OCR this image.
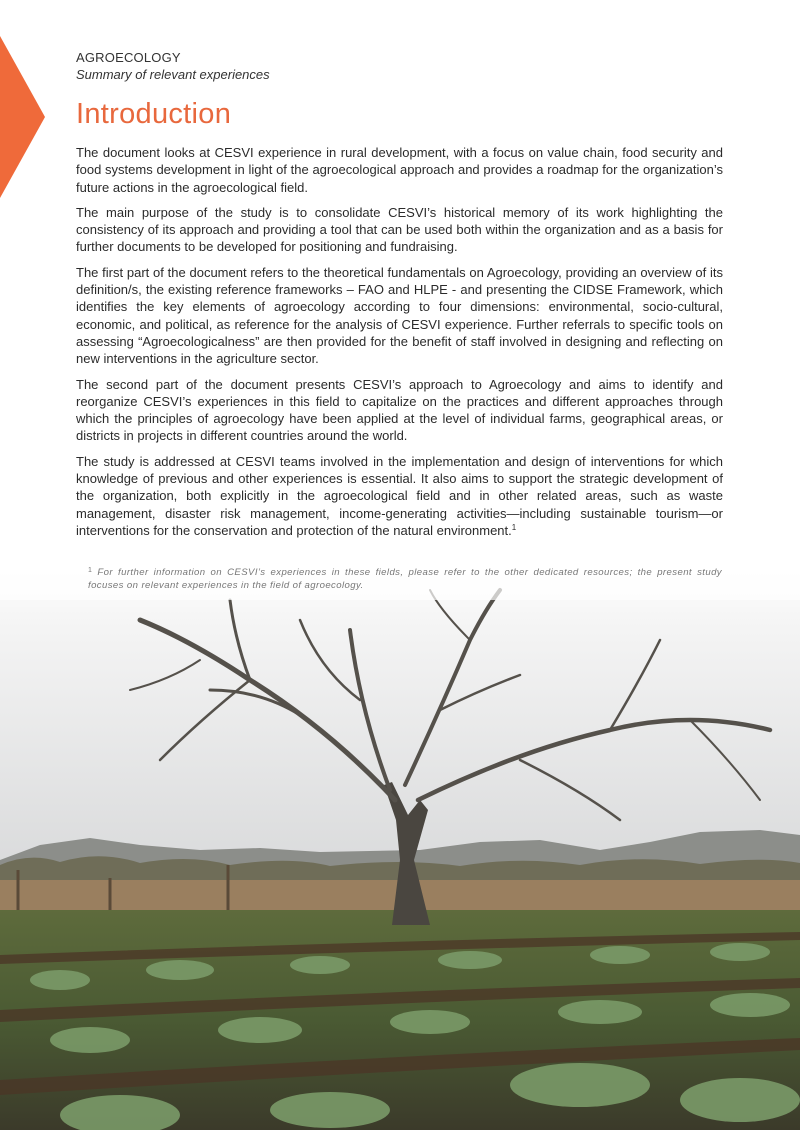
AGROECOLOGY
Summary of relevant experiences
Introduction

The document looks at CESVI experience in rural development, with a focus on value chain, food security and food systems development in light of the agroecological approach and provides a roadmap for the organization’s future actions in the agroecological field.

The main purpose of the study is to consolidate CESVI’s historical memory of its work highlighting the consistency of its approach and providing a tool that can be used both within the organization and as a basis for further documents to be developed for positioning and fundraising.

The first part of the document refers to the theoretical fundamentals on Agroecology, providing an overview of its definition/s, the existing reference frameworks – FAO and HLPE - and presenting the CIDSE Framework, which identifies the key elements of agroecology according to four dimensions: environmental, socio-cultural, economic, and political, as reference for the analysis of CESVI experience. Further referrals to specific tools on assessing “Agroecologicalness” are then provided for the benefit of staff involved in designing and reflecting on new interventions in the agriculture sector.

The second part of the document presents CESVI’s approach to Agroecology and aims to identify and reorganize CESVI’s experiences in this field to capitalize on the practices and different approaches through which the principles of agroecology have been applied at the level of individual farms, geographical areas, or districts in projects in different countries around the world.

The study is addressed at CESVI teams involved in the implementation and design of interventions for which knowledge of previous and other experiences is essential. It also aims to support the strategic development of the organization, both explicitly in the agroecological field and in other related areas, such as waste management, disaster risk management, income-generating activities—including sustainable tourism—or interventions for the conservation and protection of the natural environment.$^1$

$^1$ For further information on CESVI’s experiences in these fields, please refer to the other dedicated resources; the present study focuses on relevant experiences in the field of agroecology.
